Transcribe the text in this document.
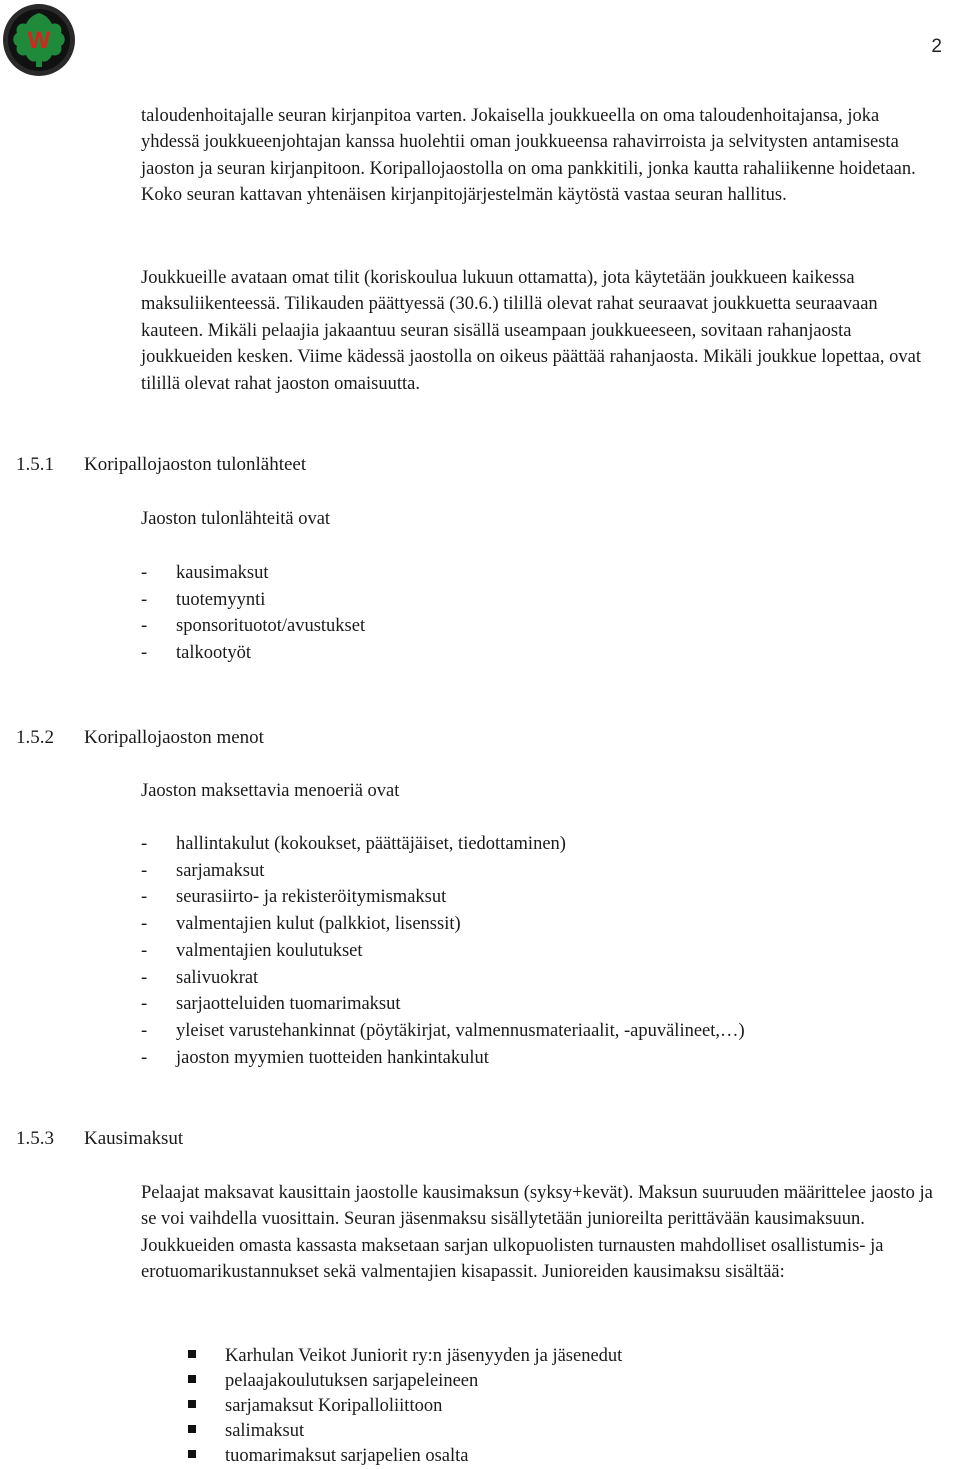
W	2

taloudenhoitajalle seuran kirjanpitoa varten. Jokaisella joukkueella on oma taloudenhoitajansa, joka yhdessä joukkueenjohtajan kanssa huolehtii oman joukkueensa rahavirroista ja selvitysten antamisesta jaoston ja seuran kirjanpitoon. Koripallojaostolla on oma pankkitili, jonka kautta rahaliikenne hoidetaan. Koko seuran kattavan yhtenäisen kirjanpitojärjestelmän käytöstä vastaa seuran hallitus.

Joukkueille avataan omat tilit (koriskoulua lukuun ottamatta), jota käytetään joukkueen kaikessa maksuliikenteessä. Tilikauden päättyessä (30.6.) tilillä olevat rahat seuraavat joukkuetta seuraavaan kauteen. Mikäli pelaajia jakaantuu seuran sisällä useampaan joukkueeseen, sovitaan rahanjaosta joukkueiden kesken. Viime kädessä jaostolla on oikeus päättää rahanjaosta. Mikäli joukkue lopettaa, ovat tilillä olevat rahat jaoston omaisuutta.

1.5.1 Koripallojaoston tulonlähteet

Jaoston tulonlähteitä ovat

- kausimaksut
- tuotemyynti
- sponsorituotot/avustukset
- talkootyöt
1.5.2 Koripallojaoston menot

Jaoston maksettavia menoeriä ovat

- hallintakulut (kokoukset, päättäjäiset, tiedottaminen)
- sarjamaksut
- seurasiirto- ja rekisteröitymismaksut
- valmentajien kulut (palkkiot, lisenssit)
- valmentajien koulutukset
- salivuokrat
- sarjaotteluiden tuomarimaksut
- yleiset varustehankinnat (pöytäkirjat, valmennusmateriaalit, -apuvälineet,…)
- jaoston myymien tuotteiden hankintakulut
1.5.3 Kausimaksut

Pelaajat maksavat kausittain jaostolle kausimaksun (syksy+kevät). Maksun suuruuden määrittelee jaosto ja se voi vaihdella vuosittain. Seuran jäsenmaksu sisällytetään junioreilta perittävään kausimaksuun. Joukkueiden omasta kassasta maksetaan sarjan ulkopuolisten turnausten mahdolliset osallistumis- ja erotuomarikustannukset sekä valmentajien kisapassit. Junioreiden kausimaksu sisältää:

Karhulan Veikot Juniorit ry:n jäsenyyden ja jäsenedut
pelaajakoulutuksen sarjapeleineen
sarjamaksut Koripalloliittoon
salimaksut
tuomarimaksut sarjapelien osalta
